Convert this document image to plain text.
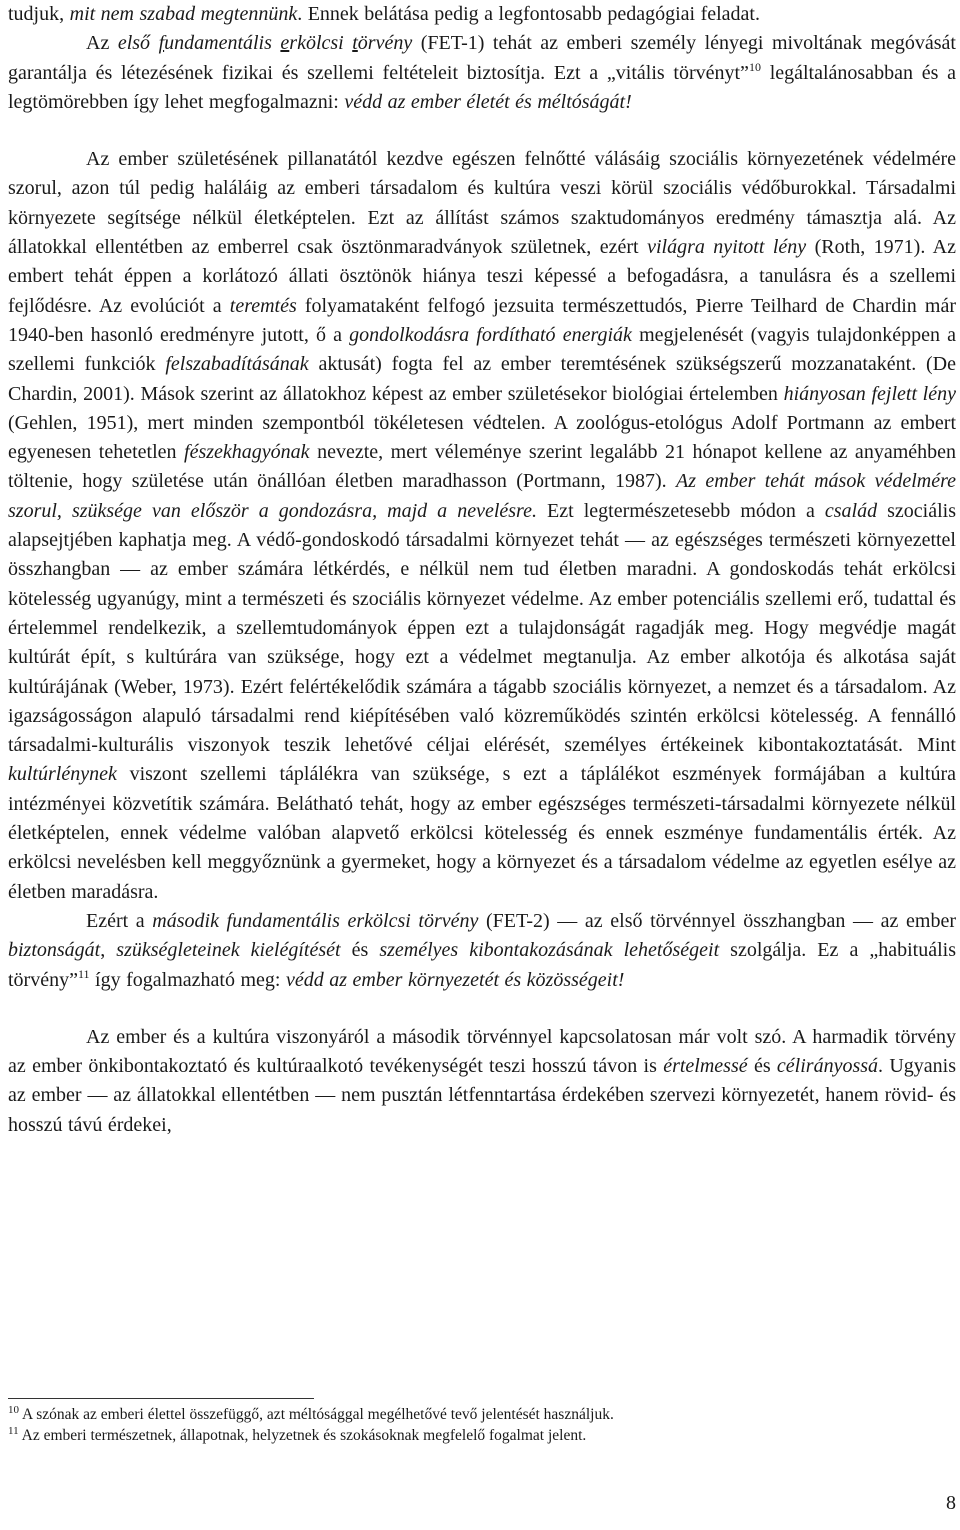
tudjuk, mit nem szabad megtennünk. Ennek belátása pedig a legfontosabb pedagógiai feladat.

Az első fundamentális erkölcsi törvény (FET-1) tehát az emberi személy lényegi mivoltának megóvását garantálja és létezésének fizikai és szellemi feltételeit biztosítja. Ezt a „vitális törvényt”$^{10}$ legáltalánosabban és a legtömörebben így lehet megfogalmazni: védd az ember életét és méltóságát!

Az ember születésének pillanatától kezdve egészen felnőtté válásáig szociális környezetének védelmére szorul, azon túl pedig haláláig az emberi társadalom és kultúra veszi körül szociális védőburokkal. Társadalmi környezete segítsége nélkül életképtelen. Ezt az állítást számos szaktudományos eredmény támasztja alá. Az állatokkal ellentétben az emberrel csak ösztönmaradványok születnek, ezért világra nyitott lény (Roth, 1971). Az embert tehát éppen a korlátozó állati ösztönök hiánya teszi képessé a befogadásra, a tanulásra és a szellemi fejlődésre. Az evolúciót a teremtés folyamataként felfogó jezsuita természettudós, Pierre Teilhard de Chardin már 1940-ben hasonló eredményre jutott, ő a gondolkodásra fordítható energiák megjelenését (vagyis tulajdonképpen a szellemi funkciók felszabadításának aktusát) fogta fel az ember teremtésének szükségszerű mozzanataként. (De Chardin, 2001). Mások szerint az állatokhoz képest az ember születésekor biológiai értelemben hiányosan fejlett lény (Gehlen, 1951), mert minden szempontból tökéletesen védtelen. A zoológus-etológus Adolf Portmann az embert egyenesen tehetetlen fészekhagyónak nevezte, mert véleménye szerint legalább 21 hónapot kellene az anyaméhben töltenie, hogy születése után önállóan életben maradhasson (Portmann, 1987). Az ember tehát mások védelmére szorul, szüksége van először a gondozásra, majd a nevelésre. Ezt legtermészetesebb módon a család szociális alapsejtjében kaphatja meg. A védő-gondoskodó társadalmi környezet tehát — az egészséges természeti környezettel összhangban — az ember számára létkérdés, e nélkül nem tud életben maradni. A gondoskodás tehát erkölcsi kötelesség ugyanúgy, mint a természeti és szociális környezet védelme. Az ember potenciális szellemi erő, tudattal és értelemmel rendelkezik, a szellemtudományok éppen ezt a tulajdonságát ragadják meg. Hogy megvédje magát kultúrát épít, s kultúrára van szüksége, hogy ezt a védelmet megtanulja. Az ember alkotója és alkotása saját kultúrájának (Weber, 1973). Ezért felértékelődik számára a tágabb szociális környezet, a nemzet és a társadalom. Az igazságosságon alapuló társadalmi rend kiépítésében való közreműködés szintén erkölcsi kötelesség. A fennálló társadalmi-kulturális viszonyok teszik lehetővé céljai elérését, személyes értékeinek kibontakoztatását. Mint kultúrlénynek viszont szellemi táplálékra van szüksége, s ezt a táplálékot eszmények formájában a kultúra intézményei közvetítik számára. Belátható tehát, hogy az ember egészséges természeti-társadalmi környezete nélkül életképtelen, ennek védelme valóban alapvető erkölcsi kötelesség és ennek eszménye fundamentális érték. Az erkölcsi nevelésben kell meggyőznünk a gyermeket, hogy a környezet és a társadalom védelme az egyetlen esélye az életben maradásra.

Ezért a második fundamentális erkölcsi törvény (FET-2) — az első törvénnyel összhangban — az ember biztonságát, szükségleteinek kielégítését és személyes kibontakozásának lehetőségeit szolgálja. Ez a „habituális törvény”$^{11}$ így fogalmazható meg: védd az ember környezetét és közösségeit!

Az ember és a kultúra viszonyáról a második törvénnyel kapcsolatosan már volt szó. A harmadik törvény az ember önkibontakoztató és kultúraalkotó tevékenységét teszi hosszú távon is értelmessé és célirányossá. Ugyanis az ember — az állatokkal ellentétben — nem pusztán létfenntartása érdekében szervezi környezetét, hanem rövid- és hosszú távú érdekei,

$^{10}$ A szónak az emberi élettel összefüggő, azt méltósággal megélhetővé tevő jelentését használjuk.

$^{11}$ Az emberi természetnek, állapotnak, helyzetnek és szokásoknak megfelelő fogalmat jelent.

8
